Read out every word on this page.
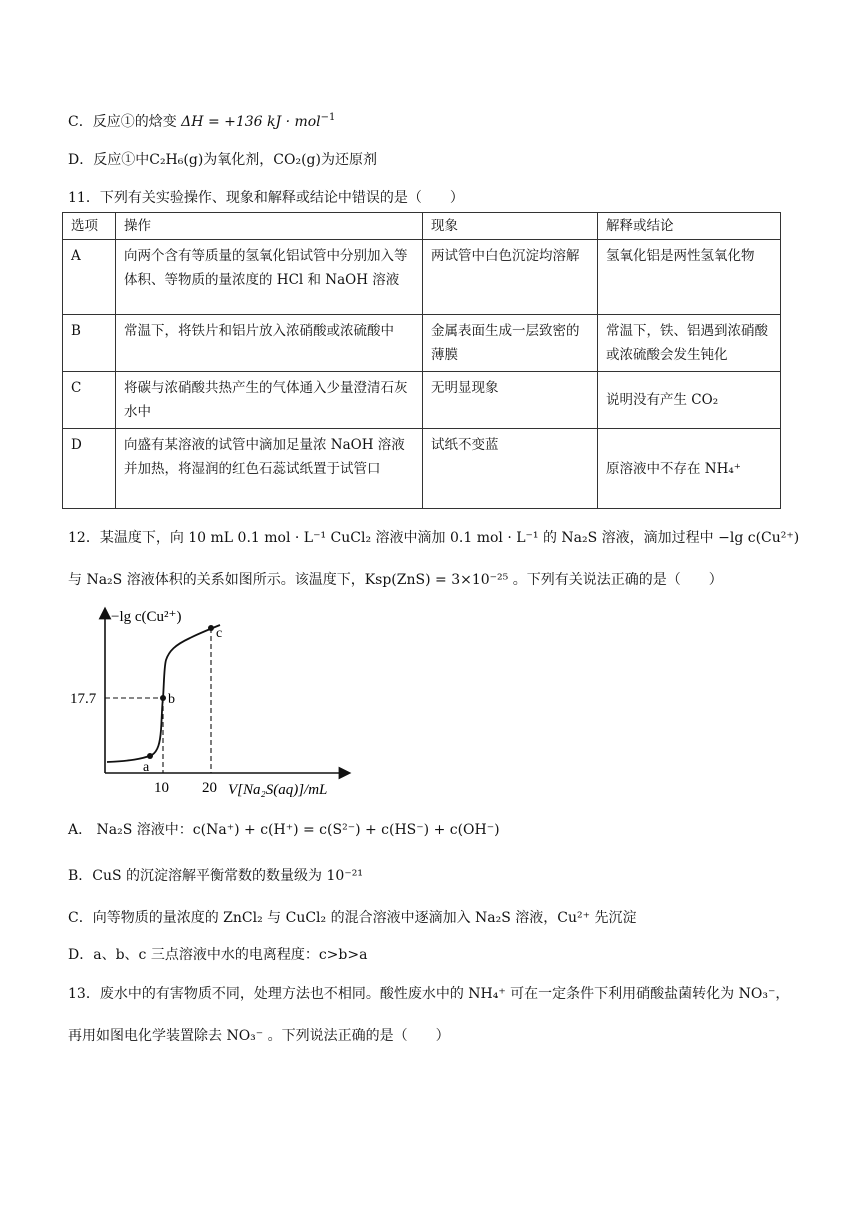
C．反应①的焓变 ΔH = +136 kJ · mol$^{-1}$
D．反应①中C₂H₆(g)为氧化剂，CO₂(g)为还原剂
11．下列有关实验操作、现象和解释或结论中错误的是（　　）
选项	操作	现象	解释或结论
A	向两个含有等质量的氢氧化铝试管中分别加入等体积、等物质的量浓度的 HCl 和 NaOH 溶液	两试管中白色沉淀均溶解	氢氧化铝是两性氢氧化物
B	常温下，将铁片和铝片放入浓硝酸或浓硫酸中	金属表面生成一层致密的薄膜	常温下，铁、铝遇到浓硝酸或浓硫酸会发生钝化
C	将碳与浓硝酸共热产生的气体通入少量澄清石灰水中	无明显现象	说明没有产生 CO₂
D	向盛有某溶液的试管中滴加足量浓 NaOH 溶液并加热，将湿润的红色石蕊试纸置于试管口	试纸不变蓝	原溶液中不存在 NH₄⁺
12．某温度下，向 10 mL 0.1 mol · L⁻¹ CuCl₂ 溶液中滴加 0.1 mol · L⁻¹ 的 Na₂S 溶液，滴加过程中 −lg c(Cu²⁺)
与 Na₂S 溶液体积的关系如图所示。该温度下，Ksp(ZnS) = 3×10⁻²⁵ 。下列有关说法正确的是（　　）
a
b
c
17.7
10 20
−lg c(Cu²⁺)
V[Na₂S(aq)]/mL
A． Na₂S 溶液中：c(Na⁺) + c(H⁺) = c(S²⁻) + c(HS⁻) + c(OH⁻)
B．CuS 的沉淀溶解平衡常数的数量级为 10⁻²¹
C．向等物质的量浓度的 ZnCl₂ 与 CuCl₂ 的混合溶液中逐滴加入 Na₂S 溶液，Cu²⁺ 先沉淀
D．a、b、c 三点溶液中水的电离程度：c>b>a
13．废水中的有害物质不同，处理方法也不相同。酸性废水中的 NH₄⁺ 可在一定条件下利用硝酸盐菌转化为 NO₃⁻，
再用如图电化学装置除去 NO₃⁻ 。下列说法正确的是（　　）
